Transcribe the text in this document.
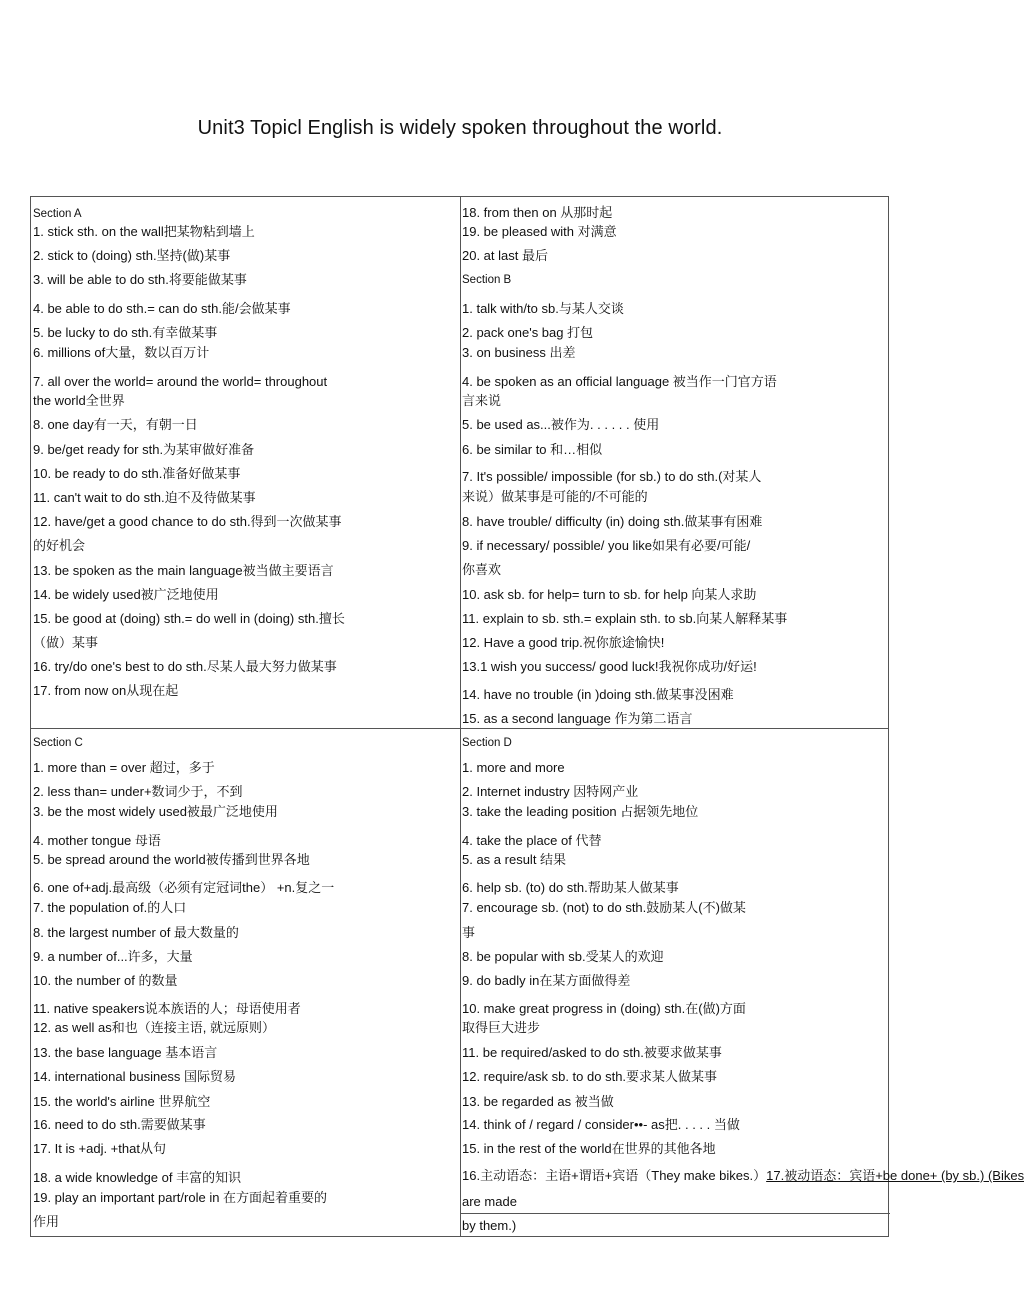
Unit3 Topicl English is widely spoken throughout the world.
Section A
1. stick sth. on the wall把某物粘到墙上
2. stick to (doing) sth.坚持(做)某事
3. will be able to do sth.将要能做某事
4. be able to do sth.= can do sth.能/会做某事
5. be lucky to do sth.有幸做某事
6. millions of大量，数以百万计
7. all over the world= around the world= throughout
the world全世界
8. one day有一天，有朝一日
9. be/get ready for sth.为某审做好准备
10. be ready to do sth.准备好做某事
11. can't wait to do sth.迫不及待做某事
12. have/get a good chance to do sth.得到一次做某事
的好机会
13. be spoken as the main language被当做主要语言
14. be widely used被广泛地使用
15. be good at (doing) sth.= do well in (doing) sth.擅长
（做）某事
16. try/do one's best to do sth.尽某人最大努力做某事
17. from now on从现在起
18. from then on 从那时起
19. be pleased with 对满意
20. at last 最后
Section B
1. talk with/to sb.与某人交谈
2. pack one's bag 打包
3. on business 出差
4. be spoken as an official language 被当作一门官方语
言来说
5. be used as...被作为. . . . . . 使用
6. be similar to 和…相似
7. It's possible/ impossible (for sb.) to do sth.(对某人
来说）做某事是可能的/不可能的
8. have trouble/ difficulty (in) doing sth.做某事有困难
9. if necessary/ possible/ you like如果有必要/可能/
你喜欢
10. ask sb. for help= turn to sb. for help 向某人求助
11. explain to sb. sth.= explain sth. to sb.向某人解释某事
12. Have a good trip.祝你旅途愉快!
13.1 wish you success/ good luck!我祝你成功/好运!
14. have no trouble (in )doing sth.做某事没困难
15. as a second language 作为第二语言
Section C
1. more than = over 超过，多于
2. less than= under+数词少于，不到
3. be the most widely used被最广泛地使用
4. mother tongue 母语
5. be spread around the world被传播到世界各地
6. one of+adj.最高级（必须有定冠词the） +n.复之一
7. the population of.的人口
8. the largest number of 最大数量的
9. a number of...许多，大量
10. the number of 的数量
11. native speakers说本族语的人；母语使用者
12. as well as和也（连接主语, 就远原则）
13. the base language 基本语言
14. international business 国际贸易
15. the world's airline 世界航空
16. need to do sth.需要做某事
17. It is +adj. +that从句
18. a wide knowledge of 丰富的知识
19. play an important part/role in 在方面起着重要的
作用
Section D
1. more and more
2. Internet industry 因特网产业
3. take the leading position 占据领先地位
4. take the place of 代替
5. as a result 结果
6. help sb. (to) do sth.帮助某人做某事
7. encourage sb. (not) to do sth.鼓励某人(不)做某
事
8. be popular with sb.受某人的欢迎
9. do badly in在某方面做得差
10. make great progress in (doing) sth.在(做)方面
取得巨大进步
11. be required/asked to do sth.被要求做某事
12. require/ask sb. to do sth.要求某人做某事
13. be regarded as 被当做
14. think of / regard / consider••- as把. . . . . 当做
15. in the rest of the world在世界的其他各地
16.主动语态：主语+谓语+宾语（They make bikes.）17.被动语态：宾语+be done+ (by sb.) (Bikes
are made
by them.)
